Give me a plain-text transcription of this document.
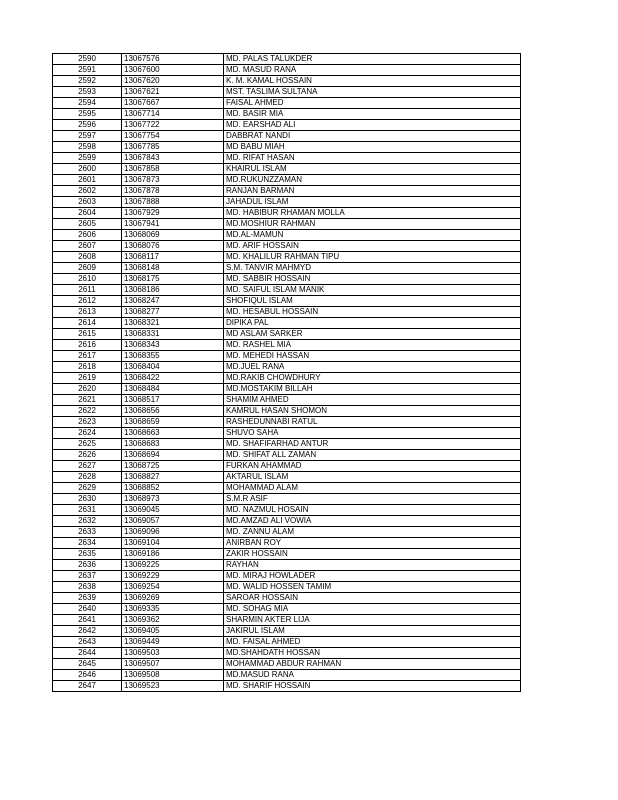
2590	13067576	MD. PALAS TALUKDER
2591	13067600	MD. MASUD RANA
2592	13067620	K. M. KAMAL HOSSAIN
2593	13067621	MST. TASLIMA SULTANA
2594	13067667	FAISAL AHMED
2595	13067714	MD. BASIR MIA
2596	13067722	MD. EARSHAD ALI
2597	13067754	DABBRAT NANDI
2598	13067785	MD BABU MIAH
2599	13067843	MD. RIFAT HASAN
2600	13067858	KHAIRUL ISLAM
2601	13067873	MD.RUKUNZZAMAN
2602	13067878	RANJAN BARMAN
2603	13067888	JAHADUL ISLAM
2604	13067929	MD. HABIBUR RHAMAN MOLLA
2605	13067941	MD.MOSHIUR RAHMAN
2606	13068069	MD.AL-MAMUN
2607	13068076	MD. ARIF HOSSAIN
2608	13068117	MD. KHALILUR RAHMAN TIPU
2609	13068148	S.M. TANVIR MAHMYD
2610	13068175	MD. SABBIR HOSSAIN
2611	13068186	MD. SAIFUL ISLAM MANIK
2612	13068247	SHOFIQUL ISLAM
2613	13068277	MD. HESABUL HOSSAIN
2614	13068321	DIPIKA PAL
2615	13068331	MD ASLAM SARKER
2616	13068343	MD. RASHEL MIA
2617	13068355	MD. MEHEDI HASSAN
2618	13068404	MD.JUEL RANA
2619	13068422	MD.RAKIB CHOWDHURY
2620	13068484	MD.MOSTAKIM BILLAH
2621	13068517	SHAMIM AHMED
2622	13068656	KAMRUL HASAN SHOMON
2623	13068659	RASHEDUNNABI RATUL
2624	13068663	SHUVO SAHA
2625	13068683	MD. SHAFIFARHAD ANTUR
2626	13068694	MD. SHIFAT ALL ZAMAN
2627	13068725	FURKAN AHAMMAD
2628	13068827	AKTARUL ISLAM
2629	13068852	MOHAMMAD ALAM
2630	13068973	S.M.R ASIF
2631	13069045	MD. NAZMUL HOSAIN
2632	13069057	MD.AMZAD ALI VOWIA
2633	13069096	MD. ZANNU ALAM
2634	13069104	ANIRBAN ROY
2635	13069186	ZAKIR HOSSAIN
2636	13069225	RAYHAN
2637	13069229	MD. MIRAJ HOWLADER
2638	13069254	MD. WALID HOSSEN TAMIM
2639	13069269	SAROAR HOSSAIN
2640	13069335	MD. SOHAG MIA
2641	13069362	SHARMIN AKTER LIJA
2642	13069405	JAKIRUL ISLAM
2643	13069449	MD. FAISAL AHMED
2644	13069503	MD.SHAHDATH HOSSAN
2645	13069507	MOHAMMAD ABDUR RAHMAN
2646	13069508	MD.MASUD RANA
2647	13069523	MD. SHARIF HOSSAIN
